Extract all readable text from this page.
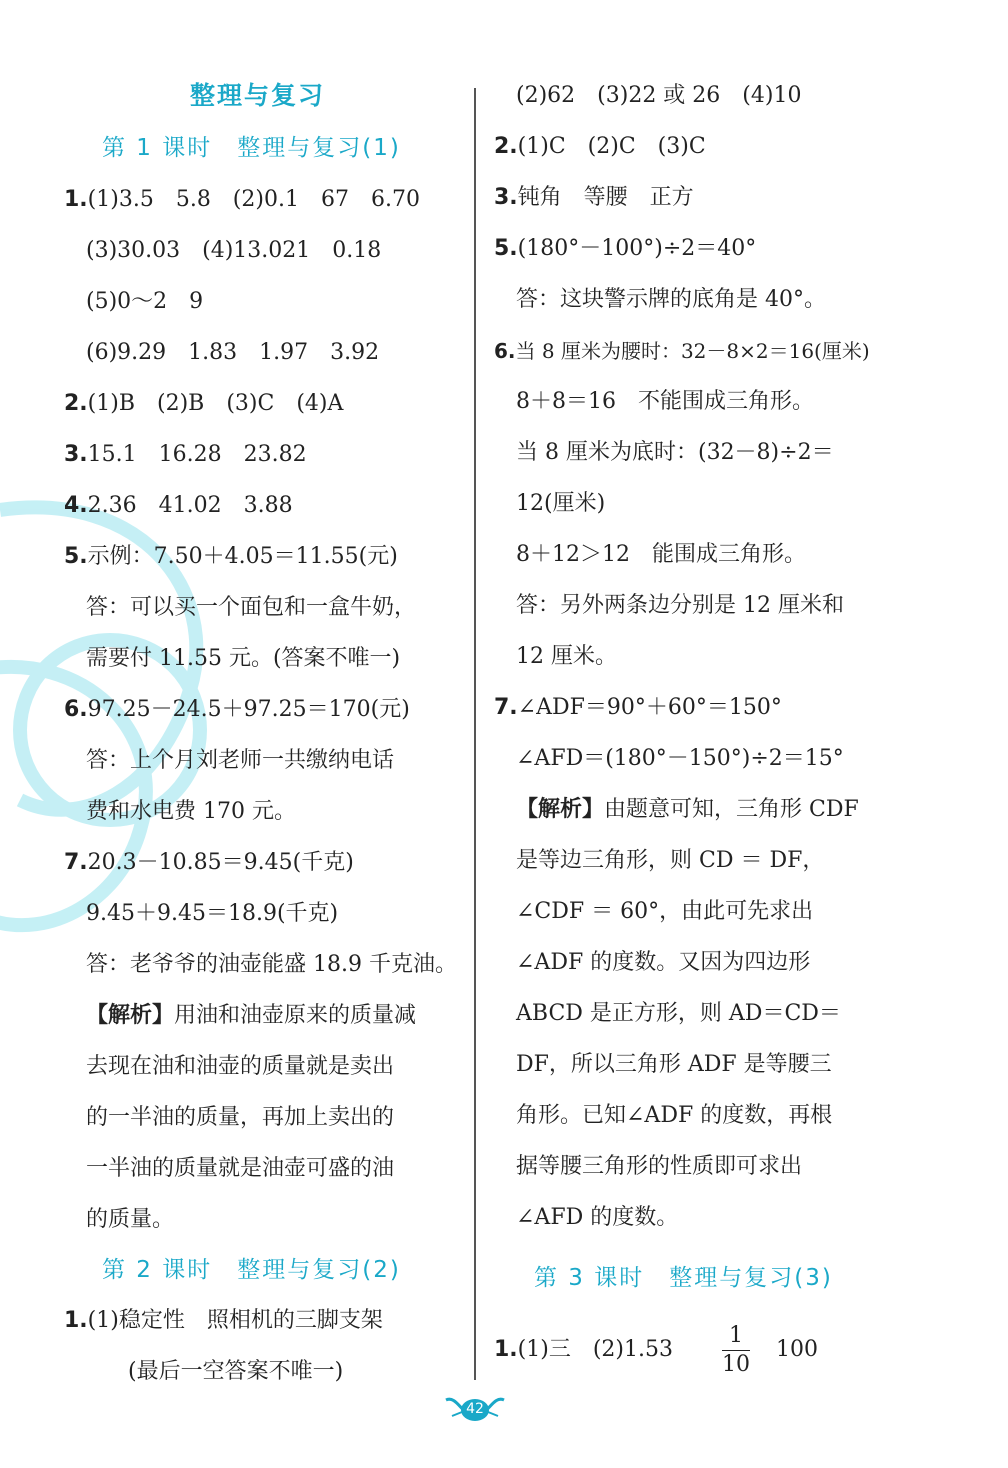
整理与复习
第 1 课时　整理与复习(1)
1.(1)3.5　5.8　(2)0.1　67　6.70
(3)30.03　(4)13.021　0.18
(5)0～2　9
(6)9.29　1.83　1.97　3.92
2.(1)B　(2)B　(3)C　(4)A
3.15.1　16.28　23.82
4.2.36　41.02　3.88
5.示例：7.50＋4.05＝11.55(元)
答：可以买一个面包和一盒牛奶，
需要付 11.55 元。(答案不唯一)
6.97.25－24.5＋97.25＝170(元)
答：上个月刘老师一共缴纳电话
费和水电费 170 元。
7.20.3－10.85＝9.45(千克)
9.45＋9.45＝18.9(千克)
答：老爷爷的油壶能盛 18.9 千克油。
【解析】用油和油壶原来的质量减
去现在油和油壶的质量就是卖出
的一半油的质量，再加上卖出的
一半油的质量就是油壶可盛的油
的质量。
第 2 课时　整理与复习(2)
1.(1)稳定性　照相机的三脚支架
(最后一空答案不唯一)
(2)62　(3)22 或 26　(4)10
2.(1)C　(2)C　(3)C
3.钝角　等腰　正方
5.(180°－100°)÷2＝40°
答：这块警示牌的底角是 40°。
6.当 8 厘米为腰时：32－8×2＝16(厘米)
8＋8＝16　不能围成三角形。
当 8 厘米为底时：(32－8)÷2＝
12(厘米)
8＋12＞12　能围成三角形。
答：另外两条边分别是 12 厘米和
12 厘米。
7.∠ADF＝90°＋60°＝150°
∠AFD＝(180°－150°)÷2＝15°
【解析】由题意可知，三角形 CDF
是等边三角形，则 CD ＝ DF，
∠CDF ＝ 60°，由此可先求出
∠ADF 的度数。又因为四边形
ABCD 是正方形，则 AD＝CD＝
DF，所以三角形 ADF 是等腰三
角形。已知∠ADF 的度数，再根
据等腰三角形的性质即可求出
∠AFD 的度数。
第 3 课时　整理与复习(3)
1.(1)三　$(2)1.53 \frac{1}{10} 100$
42
